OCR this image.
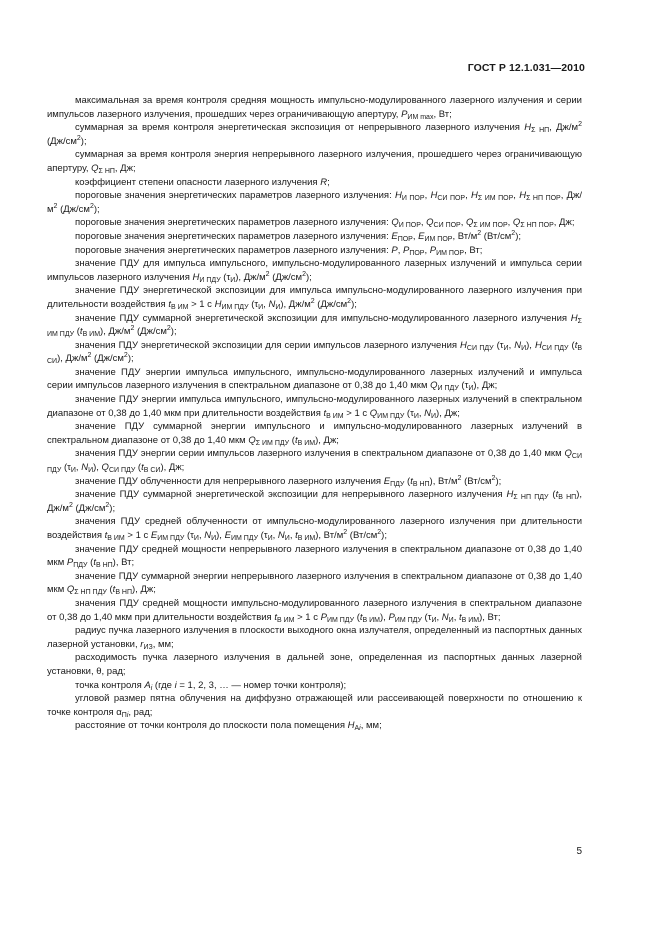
ГОСТ Р 12.1.031—2010

максимальная за время контроля средняя мощность импульсно-модулированного лазерного излучения и серии импульсов лазерного излучения, прошедших через ограничивающую апертуру, $P_{ИМ max}$, Вт;

суммарная за время контроля энергетическая экспозиция от непрерывного лазерного излучения $H_{\Sigma НП}$, $Дж/м^2$ $(Дж/см^2)$;

суммарная за время контроля энергия непрерывного лазерного излучения, прошедшего через ограничивающую апертуру, $Q_{\Sigma НП}$, Дж;

коэффициент степени опасности лазерного излучения R;

пороговые значения энергетических параметров лазерного излучения: $H_{И ПОР}$, $H_{СИ ПОР}$, $H_{\Sigma ИМ ПОР}$, $H_{\Sigma НП ПОР}$, $Дж/м^2$ $(Дж/см^2)$;

пороговые значения энергетических параметров лазерного излучения: $Q_{И ПОР}$, $Q_{СИ ПОР}$, $Q_{\Sigma ИМ ПОР}$, $Q_{\Sigma НП ПОР}$, Дж;

пороговые значения энергетических параметров лазерного излучения: $E_{ПОР}$, $E_{ИМ ПОР}$, $Вт/м^2$ $(Вт/см^2)$;

пороговые значения энергетических параметров лазерного излучения: P, $P_{ПОР}$, $P_{ИМ ПОР}$, Вт;

значение ПДУ для импульса импульсного, импульсно-модулированного лазерных излучений и импульса серии импульсов лазерного излучения $H_{И ПДУ}$ $(\tau_И)$, $Дж/м^2$ $(Дж/см^2)$;

значение ПДУ энергетической экспозиции для импульса импульсно-модулированного лазерного излучения при длительности воздействия $t_{В ИМ} > 1$ с $H_{ИМ ПДУ}$ ($\tau_И$, $N_И$), $Дж/м^2$ $(Дж/см^2)$;

значение ПДУ суммарной энергетической экспозиции для импульсно-модулированного лазерного излучения $H_{\Sigma ИМ ПДУ}$ $(t_{В ИМ})$, $Дж/м^2$ $(Дж/см^2)$;

значения ПДУ энергетической экспозиции для серии импульсов лазерного излучения $H_{СИ ПДУ}$ ($\tau_И$, $N_И$), $H_{СИ ПДУ}$ $(t_{В СИ})$, $Дж/м^2$ $(Дж/см^2)$;

значение ПДУ энергии импульса импульсного, импульсно-модулированного лазерных излучений и импульса серии импульсов лазерного излучения в спектральном диапазоне от 0,38 до 1,40 мкм $Q_{И ПДУ}$ $(\tau_И)$, Дж;

значение ПДУ энергии импульса импульсного, импульсно-модулированного лазерных излучений в спектральном диапазоне от 0,38 до 1,40 мкм при длительности воздействия $t_{В ИМ} > 1$ с $Q_{ИМ ПДУ}$ ($\tau_И$, $N_И$), Дж;

значение ПДУ суммарной энергии импульсного и импульсно-модулированного лазерных излучений в спектральном диапазоне от 0,38 до 1,40 мкм $Q_{\Sigma ИМ ПДУ}$ $(t_{В ИМ})$, Дж;

значения ПДУ энергии серии импульсов лазерного излучения в спектральном диапазоне от 0,38 до 1,40 мкм $Q_{СИ ПДУ}$ ($\tau_И$, $N_И$), $Q_{СИ ПДУ}$ $(t_{В СИ})$, Дж;

значение ПДУ облученности для непрерывного лазерного излучения $E_{ПДУ}$ $(t_{В НП})$, $Вт/м^2$ $(Вт/см^2)$;

значение ПДУ суммарной энергетической экспозиции для непрерывного лазерного излучения $H_{\Sigma НП ПДУ}$ $(t_{В НП})$, $Дж/м^2$ $(Дж/см^2)$;

значения ПДУ средней облученности от импульсно-модулированного лазерного излучения при длительности воздействия $t_{В ИМ} > 1$ с $E_{ИМ ПДУ}$ ($\tau_И$, $N_И$), $E_{ИМ ПДУ}$ ($\tau_И$, $N_И$, $t_{В ИМ}$), $Вт/м^2$ $(Вт/см^2)$;

значение ПДУ средней мощности непрерывного лазерного излучения в спектральном диапазоне от 0,38 до 1,40 мкм $P_{ПДУ}$ $(t_{В НП})$, Вт;

значение ПДУ суммарной энергии непрерывного лазерного излучения в спектральном диапазоне от 0,38 до 1,40 мкм $Q_{\Sigma НП ПДУ}$ $(t_{В НП})$, Дж;

значения ПДУ средней мощности импульсно-модулированного лазерного излучения в спектральном диапазоне от 0,38 до 1,40 мкм при длительности воздействия $t_{В ИМ} > 1$ с $P_{ИМ ПДУ}$ $(t_{В ИМ})$, $P_{ИМ ПДУ}$ ($\tau_И$, $N_И$, $t_{В ИМ}$), Вт;

радиус пучка лазерного излучения в плоскости выходного окна излучателя, определенный из паспортных данных лазерной установки, $r_{ИЗ}$, мм;

расходимость пучка лазерного излучения в дальней зоне, определенная из паспортных данных лазерной установки, θ, рад;

точка контроля $A_i$ (где i = 1, 2, 3, … — номер точки контроля);

угловой размер пятна облучения на диффузно отражающей или рассеивающей поверхности по отношению к точке контроля $\alpha_{Пi}$, рад;

расстояние от точки контроля до плоскости пола помещения $H_{Ai}$, мм;

5
